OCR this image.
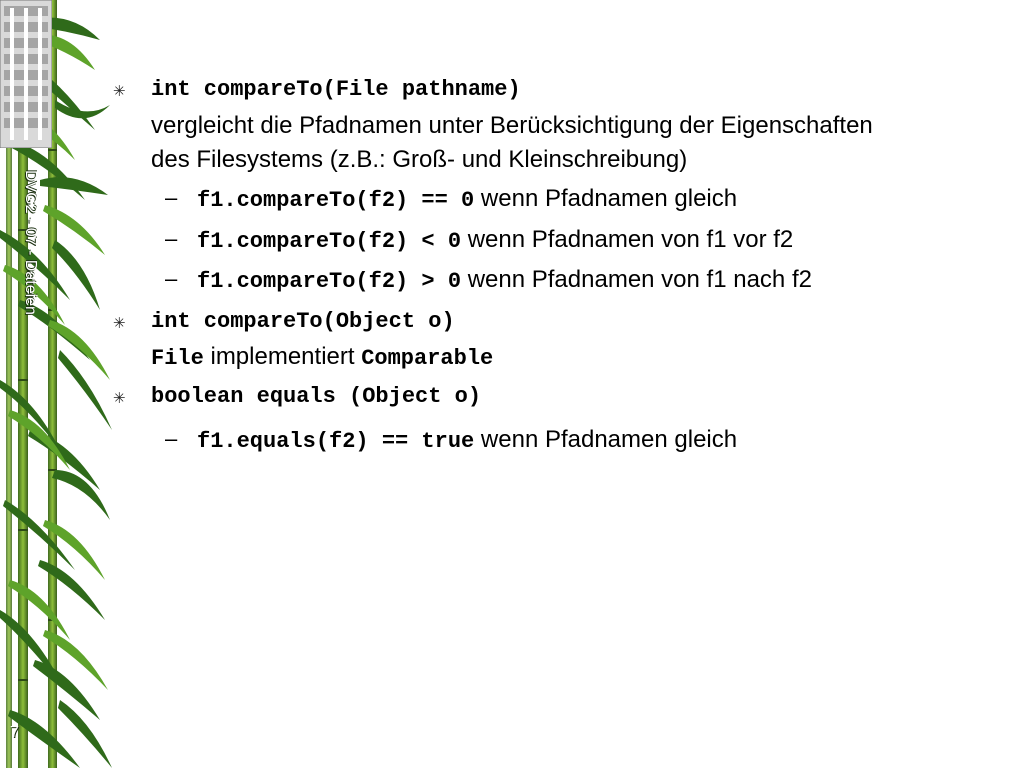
DVG2 - 07 - Dateien
7
✳ int compareTo(File pathname)
vergleicht die Pfadnamen unter Berücksichtigung der Eigenschaften
des Filesystems (z.B.: Groß- und Kleinschreibung)
– f1.compareTo(f2) == 0 wenn Pfadnamen gleich
– f1.compareTo(f2) < 0 wenn Pfadnamen von f1 vor f2
– f1.compareTo(f2) > 0 wenn Pfadnamen von f1 nach f2
✳ int compareTo(Object o)
File implementiert Comparable
✳ boolean equals (Object o)
– f1.equals(f2) == true wenn Pfadnamen gleich
